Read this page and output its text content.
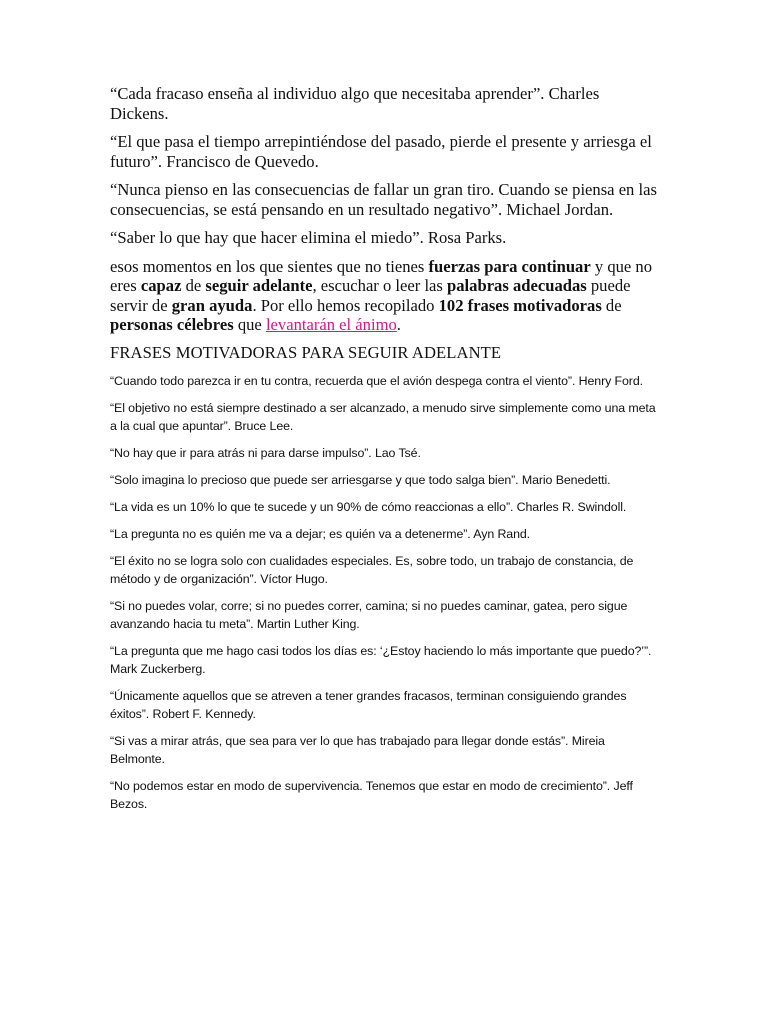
“Cada fracaso enseña al individuo algo que necesitaba aprender”. Charles Dickens.

“El que pasa el tiempo arrepintiéndose del pasado, pierde el presente y arriesga el futuro”. Francisco de Quevedo.

“Nunca pienso en las consecuencias de fallar un gran tiro. Cuando se piensa en las consecuencias, se está pensando en un resultado negativo”. Michael Jordan.

“Saber lo que hay que hacer elimina el miedo”. Rosa Parks.

esos momentos en los que sientes que no tienes fuerzas para continuar y que no eres capaz de seguir adelante, escuchar o leer las palabras adecuadas puede servir de gran ayuda. Por ello hemos recopilado 102 frases motivadoras de personas célebres que levantarán el ánimo.

FRASES MOTIVADORAS PARA SEGUIR ADELANTE
“Cuando todo parezca ir en tu contra, recuerda que el avión despega contra el viento”. Henry Ford.
“El objetivo no está siempre destinado a ser alcanzado, a menudo sirve simplemente como una meta a la cual que apuntar”. Bruce Lee.
“No hay que ir para atrás ni para darse impulso”. Lao Tsé.
“Solo imagina lo precioso que puede ser arriesgarse y que todo salga bien”. Mario Benedetti.
“La vida es un 10% lo que te sucede y un 90% de cómo reaccionas a ello”. Charles R. Swindoll.
“La pregunta no es quién me va a dejar; es quién va a detenerme”. Ayn Rand.
“El éxito no se logra solo con cualidades especiales. Es, sobre todo, un trabajo de constancia, de método y de organización”. Víctor Hugo.
“Si no puedes volar, corre; si no puedes correr, camina; si no puedes caminar, gatea, pero sigue avanzando hacia tu meta”. Martin Luther King.
“La pregunta que me hago casi todos los días es: ‘¿Estoy haciendo lo más importante que puedo?’”. Mark Zuckerberg.
“Únicamente aquellos que se atreven a tener grandes fracasos, terminan consiguiendo grandes éxitos”. Robert F. Kennedy.
“Si vas a mirar atrás, que sea para ver lo que has trabajado para llegar donde estás”. Mireia Belmonte.
“No podemos estar en modo de supervivencia. Tenemos que estar en modo de crecimiento”. Jeff Bezos.
